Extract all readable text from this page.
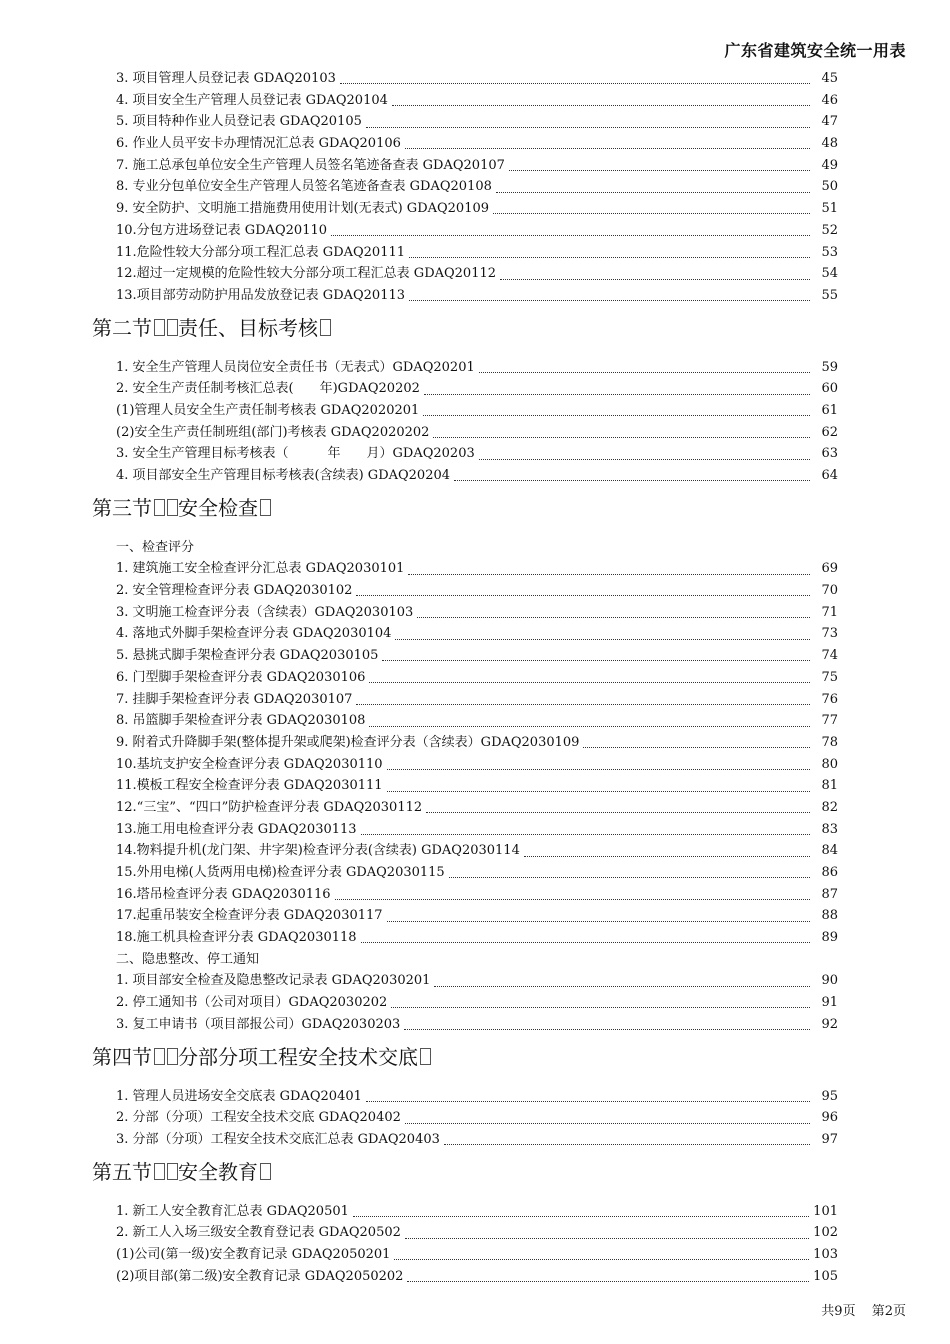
广东省建筑安全统一用表
3. 项目管理人员登记表 GDAQ20103	45
4. 项目安全生产管理人员登记表 GDAQ20104	46
5. 项目特种作业人员登记表 GDAQ20105	47
6. 作业人员平安卡办理情况汇总表 GDAQ20106	48
7. 施工总承包单位安全生产管理人员签名笔迹备查表 GDAQ20107	49
8. 专业分包单位安全生产管理人员签名笔迹备查表 GDAQ20108	50
9. 安全防护、文明施工措施费用使用计划(无表式) GDAQ20109	51
10.分包方进场登记表 GDAQ20110	52
11.危险性较大分部分项工程汇总表 GDAQ20111	53
12.超过一定规模的危险性较大分部分项工程汇总表 GDAQ20112	54
13.项目部劳动防护用品发放登记表 GDAQ20113	55
第二节 责任、目标考核
1. 安全生产管理人员岗位安全责任书（无表式）GDAQ20201	59
2. 安全生产责任制考核汇总表(　　年)GDAQ20202	60
(1)管理人员安全生产责任制考核表 GDAQ2020201	61
(2)安全生产责任制班组(部门)考核表 GDAQ2020202	62
3. 安全生产管理目标考核表（　　　年　　月）GDAQ20203	63
4. 项目部安全生产管理目标考核表(含续表) GDAQ20204	64
第三节 安全检查
一、检查评分
1. 建筑施工安全检查评分汇总表 GDAQ2030101	69
2. 安全管理检查评分表 GDAQ2030102	70
3. 文明施工检查评分表（含续表）GDAQ2030103	71
4. 落地式外脚手架检查评分表 GDAQ2030104	73
5. 悬挑式脚手架检查评分表 GDAQ2030105	74
6. 门型脚手架检查评分表 GDAQ2030106	75
7. 挂脚手架检查评分表 GDAQ2030107	76
8. 吊篮脚手架检查评分表 GDAQ2030108	77
9. 附着式升降脚手架(整体提升架或爬架)检查评分表（含续表）GDAQ2030109	78
10.基坑支护安全检查评分表 GDAQ2030110	80
11.模板工程安全检查评分表 GDAQ2030111	81
12.“三宝”、“四口”防护检查评分表 GDAQ2030112	82
13.施工用电检查评分表 GDAQ2030113	83
14.物料提升机(龙门架、井字架)检查评分表(含续表) GDAQ2030114	84
15.外用电梯(人货两用电梯)检查评分表 GDAQ2030115	86
16.塔吊检查评分表 GDAQ2030116	87
17.起重吊装安全检查评分表 GDAQ2030117	88
18.施工机具检查评分表 GDAQ2030118	89
二、隐患整改、停工通知
1. 项目部安全检查及隐患整改记录表 GDAQ2030201	90
2. 停工通知书（公司对项目）GDAQ2030202	91
3. 复工申请书（项目部报公司）GDAQ2030203	92
第四节 分部分项工程安全技术交底
1. 管理人员进场安全交底表 GDAQ20401	95
2. 分部（分项）工程安全技术交底 GDAQ20402	96
3. 分部（分项）工程安全技术交底汇总表 GDAQ20403	97
第五节 安全教育
1. 新工人安全教育汇总表 GDAQ20501	101
2. 新工人入场三级安全教育登记表 GDAQ20502	102
(1)公司(第一级)安全教育记录 GDAQ2050201	103
(2)项目部(第二级)安全教育记录 GDAQ2050202	105
共9页 第2页
